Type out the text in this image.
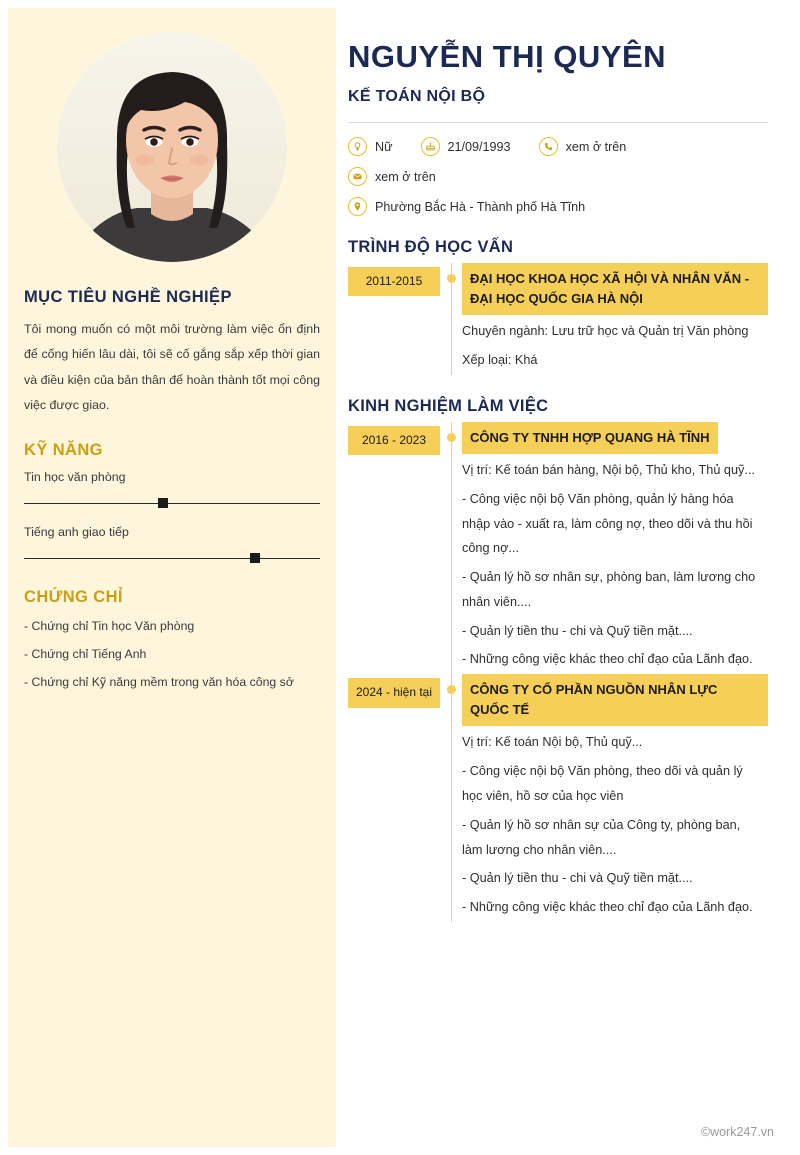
MỤC TIÊU NGHỀ NGHIỆP

Tôi mong muốn có một môi trường làm việc ổn định để cống hiến lâu dài, tôi sẽ cố gắng sắp xếp thời gian và điều kiện của bản thân để hoàn thành tốt mọi công việc được giao.

KỸ NĂNG
Tin học văn phòng
Tiếng anh giao tiếp
CHỨNG CHỈ
- Chứng chỉ Tin học Văn phòng
- Chứng chỉ Tiếng Anh
- Chứng chỉ Kỹ năng mềm trong văn hóa công sở
NGUYỄN THỊ QUYÊN
KẾ TOÁN NỘI BỘ
Nữ	21/09/1993	xem ở trên
xem ở trên
Phường Bắc Hà - Thành phố Hà Tĩnh
TRÌNH ĐỘ HỌC VẤN
2011-2015	ĐẠI HỌC KHOA HỌC XÃ HỘI VÀ NHÂN VĂN - ĐẠI HỌC QUỐC GIA HÀ NỘI
Chuyên ngành: Lưu trữ học và Quản trị Văn phòng
Xếp loại: Khá
KINH NGHIỆM LÀM VIỆC
2016 - 2023	CÔNG TY TNHH HỢP QUANG HÀ TĨNH
Vị trí: Kế toán bán hàng, Nội bộ, Thủ kho, Thủ quỹ...
- Công việc nội bộ Văn phòng, quản lý hàng hóa nhập vào - xuất ra, làm công nợ, theo dõi và thu hồi công nợ...
- Quản lý hồ sơ nhân sự, phòng ban, làm lương cho nhân viên....
- Quản lý tiền thu - chi và Quỹ tiền mặt....
- Những công việc khác theo chỉ đạo của Lãnh đạo.
2024 - hiện tại	CÔNG TY CỔ PHẦN NGUỒN NHÂN LỰC QUỐC TẾ
Vị trí: Kế toán Nội bộ, Thủ quỹ...
- Công việc nội bộ Văn phòng, theo dõi và quản lý học viên, hồ sơ của học viên
- Quản lý hồ sơ nhân sự của Công ty, phòng ban, làm lương cho nhân viên....
- Quản lý tiền thu - chi và Quỹ tiền mặt....
- Những công việc khác theo chỉ đạo của Lãnh đạo.
©work247.vn
